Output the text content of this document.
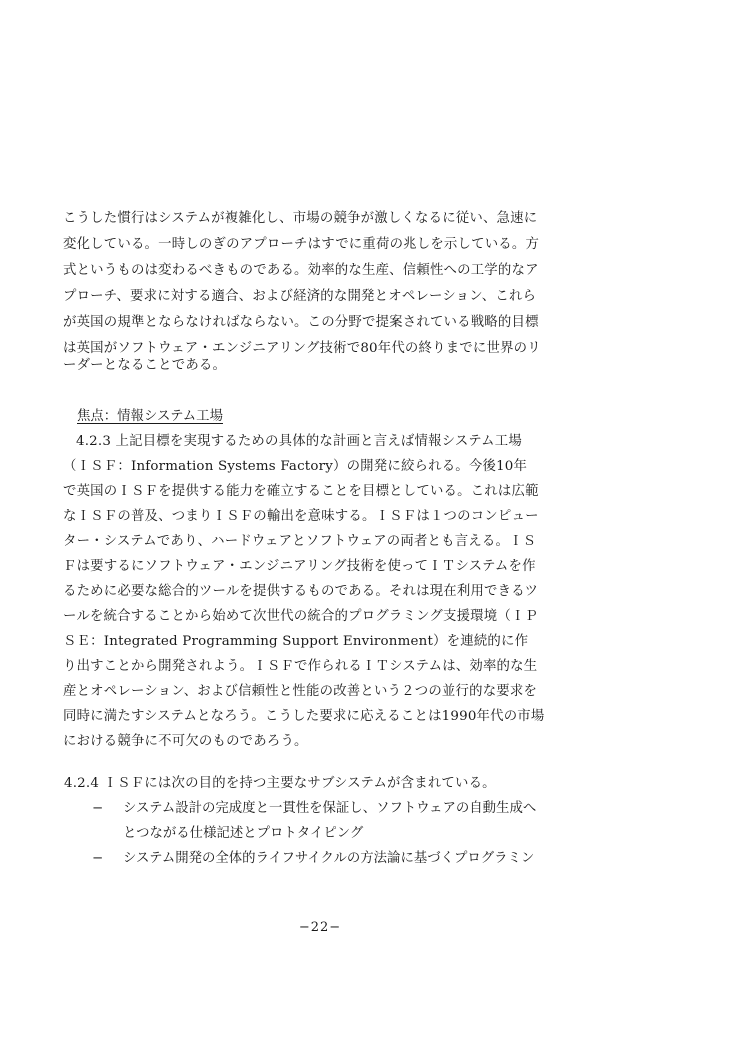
こうした慣行はシステムが複雑化し、市場の競争が激しくなるに従い、急速に
変化している。一時しのぎのアプローチはすでに重荷の兆しを示している。方
式というものは変わるべきものである。効率的な生産、信頼性への工学的なア
プローチ、要求に対する適合、および経済的な開発とオペレーション、これら
が英国の規準とならなければならない。この分野で提案されている戦略的目標
は英国がソフトウェア・エンジニアリング技術で80年代の終りまでに世界のリ
ーダーとなることである。
焦点：情報システム工場
4.2.3 上記目標を実現するための具体的な計画と言えば情報システム工場
（ＩＳＦ：Information Systems Factory）の開発に絞られる。今後10年
で英国のＩＳＦを提供する能力を確立することを目標としている。これは広範
なＩＳＦの普及、つまりＩＳＦの輸出を意味する。ＩＳＦは１つのコンピュー
ター・システムであり、ハードウェアとソフトウェアの両者とも言える。ＩＳ
Ｆは要するにソフトウェア・エンジニアリング技術を使ってＩＴシステムを作
るために必要な総合的ツールを提供するものである。それは現在利用できるツ
ールを統合することから始めて次世代の統合的プログラミング支援環境（ＩＰ
ＳＥ：Integrated Programming Support Environment）を連続的に作
り出すことから開発されよう。ＩＳＦで作られるＩＴシステムは、効率的な生
産とオペレーション、および信頼性と性能の改善という２つの並行的な要求を
同時に満たすシステムとなろう。こうした要求に応えることは1990年代の市場
における競争に不可欠のものであろう。
4.2.4 ＩＳＦには次の目的を持つ主要なサブシステムが含まれている。
− システム設計の完成度と一貫性を保証し、ソフトウェアの自動生成へ
とつながる仕様記述とプロトタイピング
− システム開発の全体的ライフサイクルの方法論に基づくプログラミン
−22−
